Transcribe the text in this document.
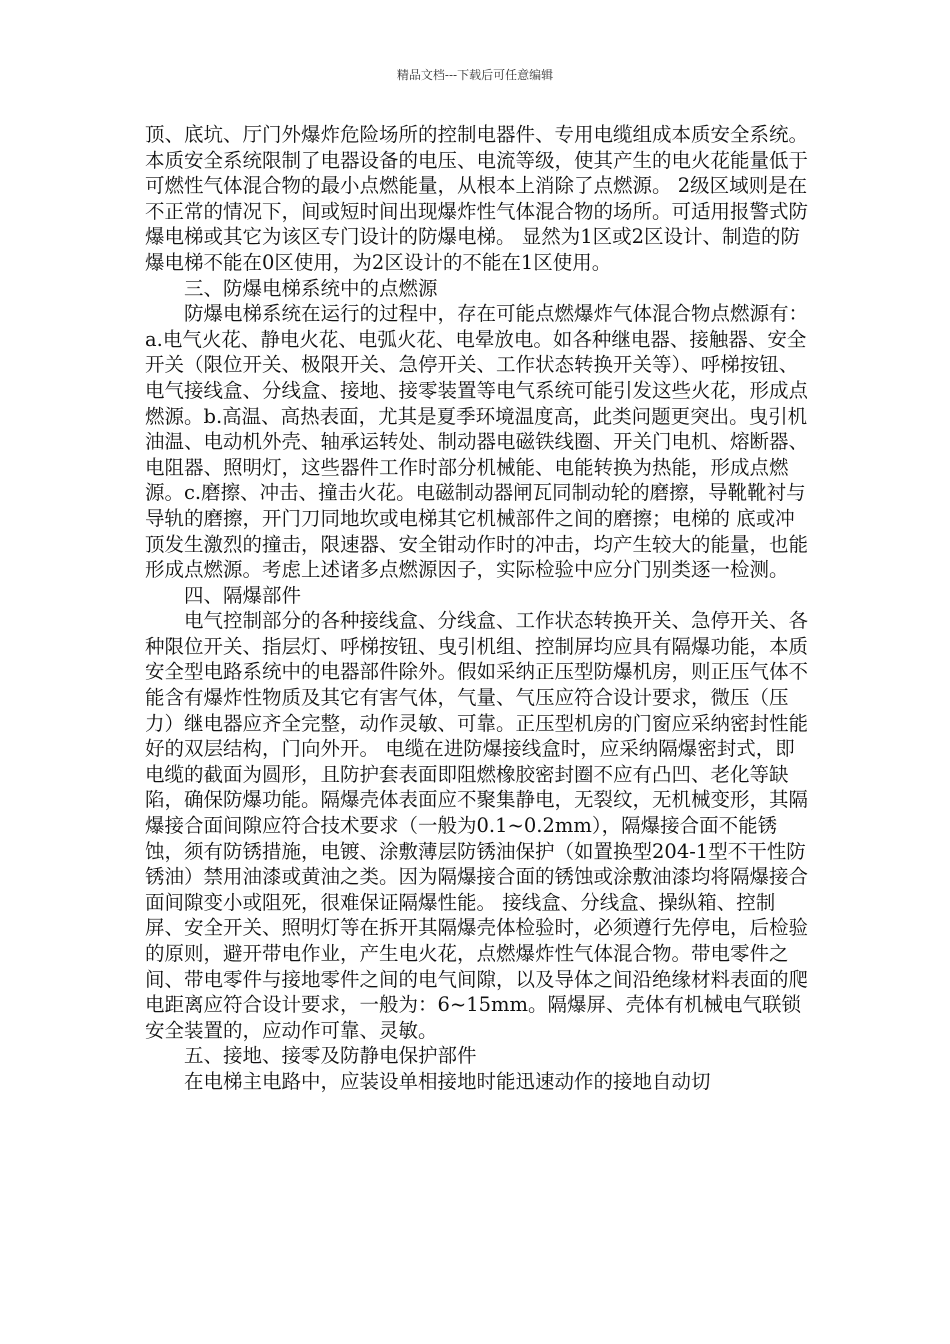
精品文档---下载后可任意编辑

顶、底坑、厅门外爆炸危险场所的控制电器件、专用电缆组成本质安全系统。本质安全系统限制了电器设备的电压、电流等级，使其产生的电火花能量低于可燃性气体混合物的最小点燃能量，从根本上消除了点燃源。 2级区域则是在不正常的情况下，间或短时间出现爆炸性气体混合物的场所。可适用报警式防爆电梯或其它为该区专门设计的防爆电梯。 显然为1区或2区设计、制造的防爆电梯不能在0区使用，为2区设计的不能在1区使用。

三、防爆电梯系统中的点燃源

防爆电梯系统在运行的过程中，存在可能点燃爆炸气体混合物点燃源有：a.电气火花、静电火花、电弧火花、电晕放电。如各种继电器、接触器、安全开关（限位开关、极限开关、急停开关、工作状态转换开关等）、呼梯按钮、电气接线盒、分线盒、接地、接零装置等电气系统可能引发这些火花，形成点燃源。b.高温、高热表面，尤其是夏季环境温度高，此类问题更突出。曳引机油温、电动机外壳、轴承运转处、制动器电磁铁线圈、开关门电机、熔断器、电阻器、照明灯，这些器件工作时部分机械能、电能转换为热能，形成点燃源。c.磨擦、冲击、撞击火花。电磁制动器闸瓦同制动轮的磨擦，导靴靴衬与导轨的磨擦，开门刀同地坎或电梯其它机械部件之间的磨擦；电梯的 底或冲顶发生激烈的撞击，限速器、安全钳动作时的冲击，均产生较大的能量，也能形成点燃源。考虑上述诸多点燃源因子，实际检验中应分门别类逐一检测。

四、隔爆部件

电气控制部分的各种接线盒、分线盒、工作状态转换开关、急停开关、各种限位开关、指层灯、呼梯按钮、曳引机组、控制屏均应具有隔爆功能，本质安全型电路系统中的电器部件除外。假如采纳正压型防爆机房，则正压气体不能含有爆炸性物质及其它有害气体，气量、气压应符合设计要求，微压（压力）继电器应齐全完整，动作灵敏、可靠。正压型机房的门窗应采纳密封性能好的双层结构，门向外开。 电缆在进防爆接线盒时，应采纳隔爆密封式，即电缆的截面为圆形，且防护套表面即阻燃橡胶密封圈不应有凸凹、老化等缺陷，确保防爆功能。隔爆壳体表面应不聚集静电，无裂纹，无机械变形，其隔爆接合面间隙应符合技术要求（一般为0.1~0.2mm），隔爆接合面不能锈蚀，须有防锈措施，电镀、涂敷薄层防锈油保护（如置换型204-1型不干性防锈油）禁用油漆或黄油之类。因为隔爆接合面的锈蚀或涂敷油漆均将隔爆接合面间隙变小或阻死，很难保证隔爆性能。 接线盒、分线盒、操纵箱、控制屏、安全开关、照明灯等在拆开其隔爆壳体检验时，必须遵行先停电，后检验的原则，避开带电作业，产生电火花，点燃爆炸性气体混合物。带电零件之间、带电零件与接地零件之间的电气间隙，以及导体之间沿绝缘材料表面的爬电距离应符合设计要求，一般为：6~15mm。隔爆屏、壳体有机械电气联锁安全装置的，应动作可靠、灵敏。

五、接地、接零及防静电保护部件

在电梯主电路中，应装设单相接地时能迅速动作的接地自动切
